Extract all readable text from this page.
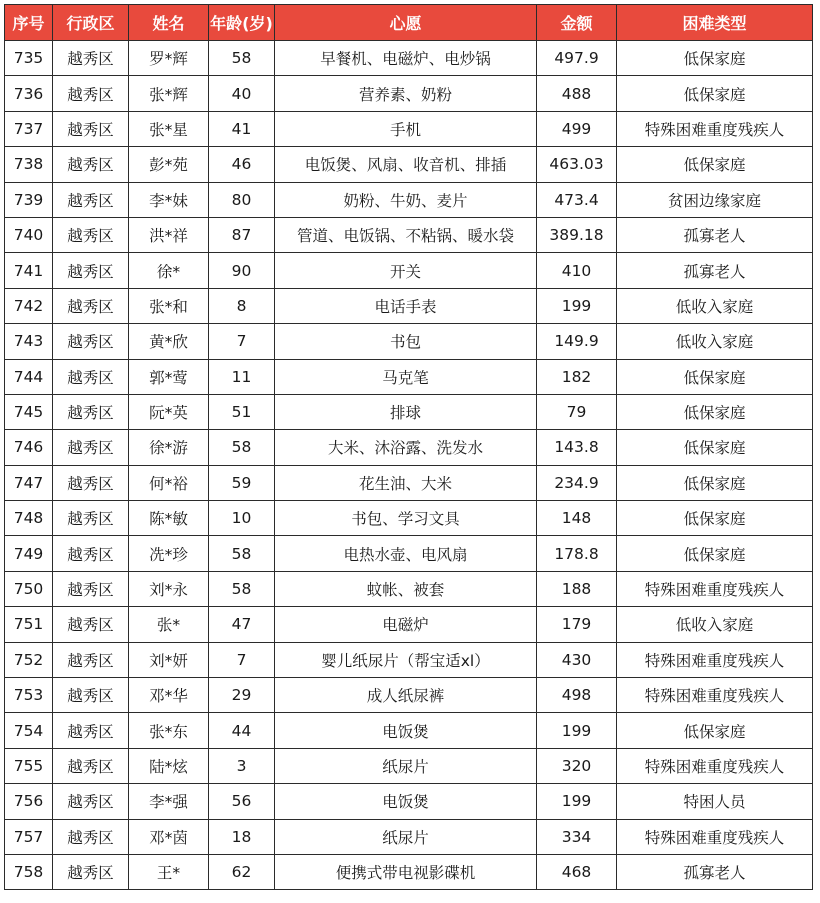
序号	行政区	姓名	年龄(岁)	心愿	金额	困难类型
735	越秀区	罗*辉	58	早餐机、电磁炉、电炒锅	497.9	低保家庭
736	越秀区	张*辉	40	营养素、奶粉	488	低保家庭
737	越秀区	张*星	41	手机	499	特殊困难重度残疾人
738	越秀区	彭*苑	46	电饭煲、风扇、收音机、排插	463.03	低保家庭
739	越秀区	李*妹	80	奶粉、牛奶、麦片	473.4	贫困边缘家庭
740	越秀区	洪*祥	87	管道、电饭锅、不粘锅、暖水袋	389.18	孤寡老人
741	越秀区	徐*	90	开关	410	孤寡老人
742	越秀区	张*和	8	电话手表	199	低收入家庭
743	越秀区	黄*欣	7	书包	149.9	低收入家庭
744	越秀区	郭*莺	11	马克笔	182	低保家庭
745	越秀区	阮*英	51	排球	79	低保家庭
746	越秀区	徐*游	58	大米、沐浴露、洗发水	143.8	低保家庭
747	越秀区	何*裕	59	花生油、大米	234.9	低保家庭
748	越秀区	陈*敏	10	书包、学习文具	148	低保家庭
749	越秀区	冼*珍	58	电热水壶、电风扇	178.8	低保家庭
750	越秀区	刘*永	58	蚊帐、被套	188	特殊困难重度残疾人
751	越秀区	张*	47	电磁炉	179	低收入家庭
752	越秀区	刘*妍	7	婴儿纸尿片（帮宝适xl）	430	特殊困难重度残疾人
753	越秀区	邓*华	29	成人纸尿裤	498	特殊困难重度残疾人
754	越秀区	张*东	44	电饭煲	199	低保家庭
755	越秀区	陆*炫	3	纸尿片	320	特殊困难重度残疾人
756	越秀区	李*强	56	电饭煲	199	特困人员
757	越秀区	邓*茵	18	纸尿片	334	特殊困难重度残疾人
758	越秀区	王*	62	便携式带电视影碟机	468	孤寡老人
